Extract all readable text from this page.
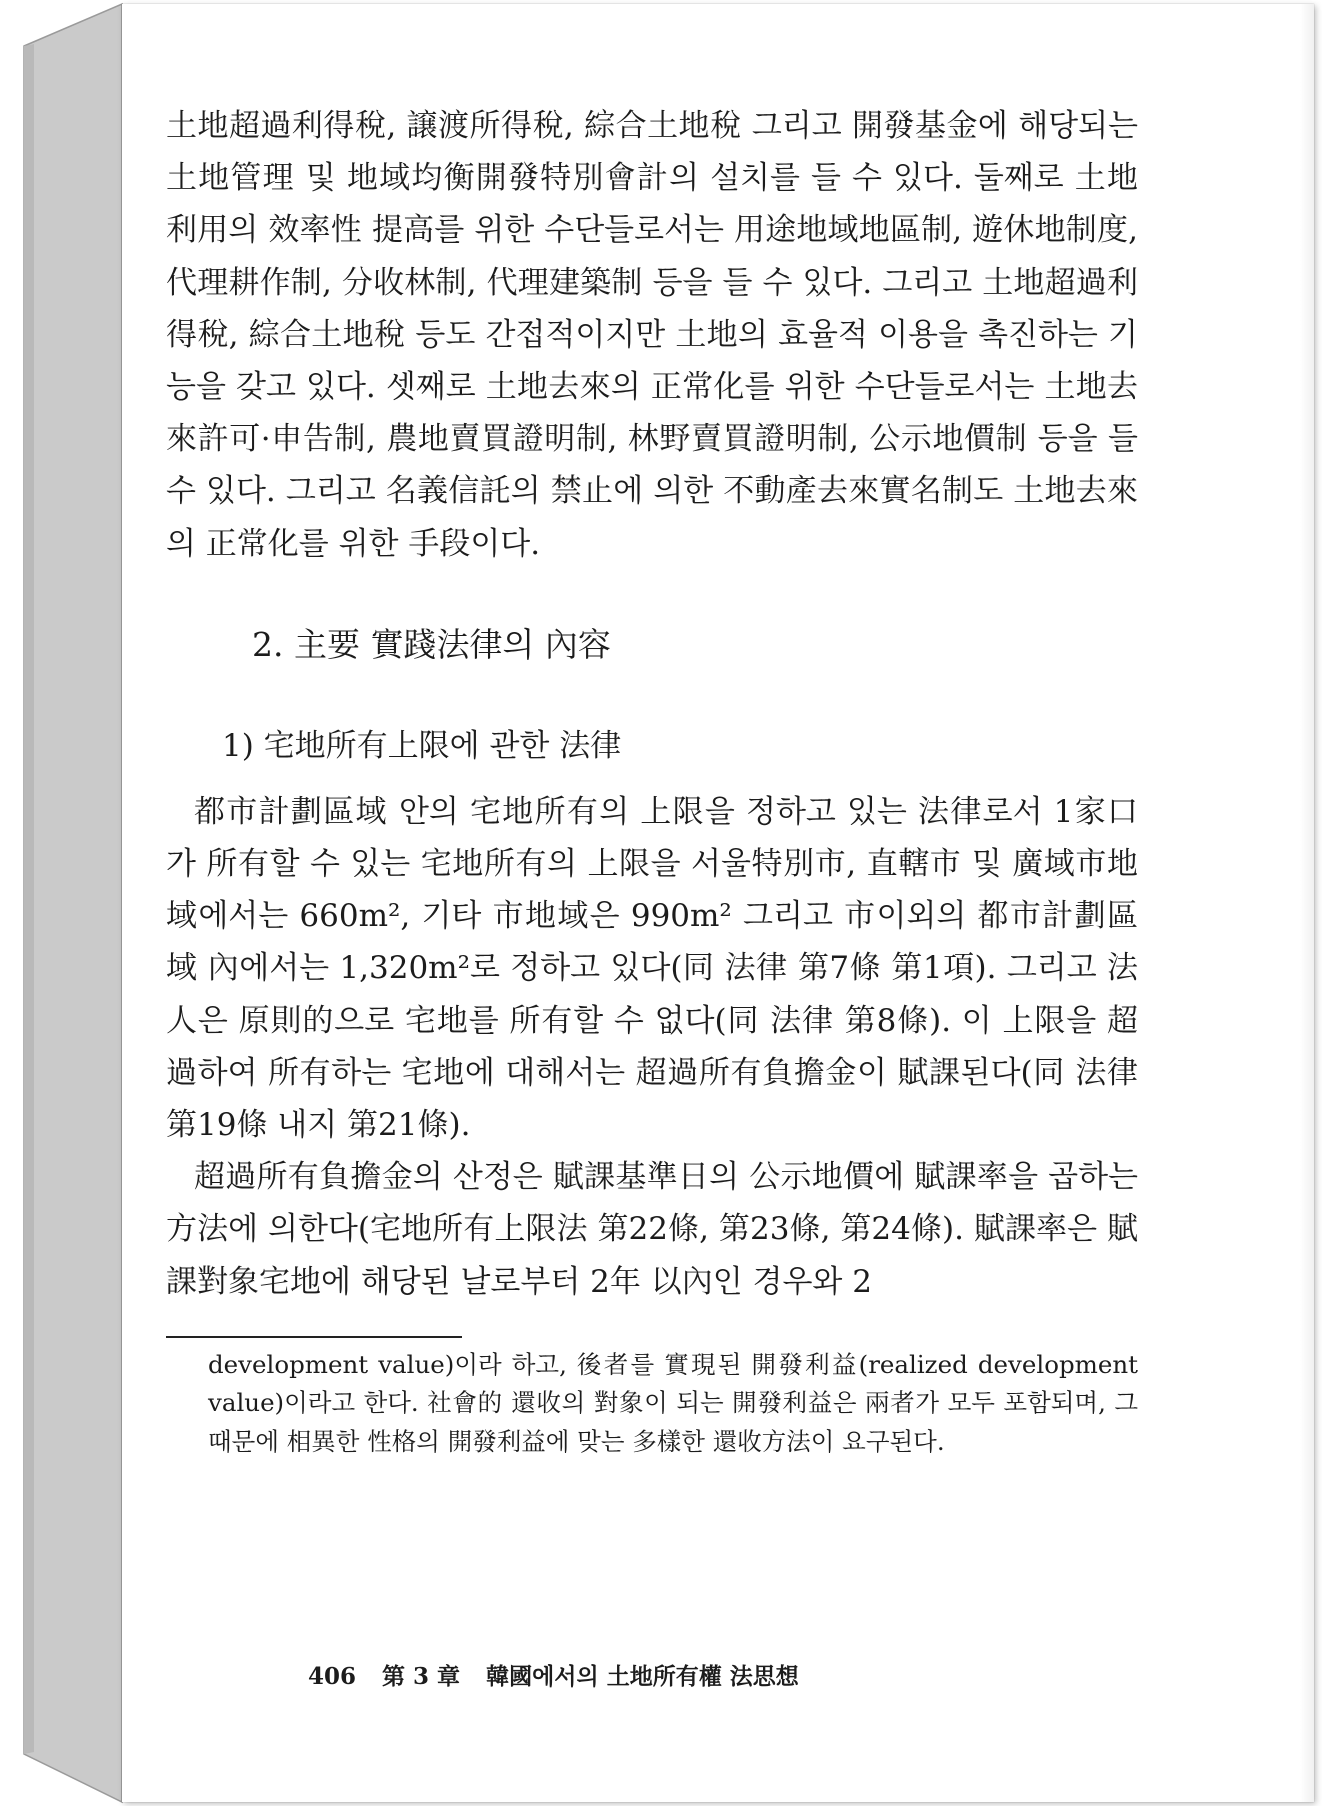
土地超過利得稅, 譲渡所得稅, 綜合土地稅 그리고 開發基金에 해당되는 土地管理 및 地域均衡開發特別會計의 설치를 들 수 있다. 둘째로 土地利用의 效率性 提高를 위한 수단들로서는 用途地域地區制, 遊休地制度, 代理耕作制, 分收林制, 代理建築制 등을 들 수 있다. 그리고 土地超過利得稅, 綜合土地稅 등도 간접적이지만 土地의 효율적 이용을 촉진하는 기능을 갖고 있다. 셋째로 土地去來의 正常化를 위한 수단들로서는 土地去來許可·申告制, 農地賣買證明制, 林野賣買證明制, 公示地價制 등을 들 수 있다. 그리고 名義信託의 禁止에 의한 不動產去來實名制도 土地去來의 正常化를 위한 手段이다.

2. 主要 實踐法律의 內容
1) 宅地所有上限에 관한 法律

都市計劃區域 안의 宅地所有의 上限을 정하고 있는 法律로서 1家口가 所有할 수 있는 宅地所有의 上限을 서울特別市, 直轄市 및 廣域市地域에서는 660m², 기타 市地域은 990m² 그리고 市이외의 都市計劃區域 內에서는 1,320m²로 정하고 있다(同 法律 第7條 第1項). 그리고 法人은 原則的으로 宅地를 所有할 수 없다(同 法律 第8條). 이 上限을 超過하여 所有하는 宅地에 대해서는 超過所有負擔金이 賦課된다(同 法律 第19條 내지 第21條).

超過所有負擔金의 산정은 賦課基準日의 公示地價에 賦課率을 곱하는 方法에 의한다(宅地所有上限法 第22條, 第23條, 第24條). 賦課率은 賦課對象宅地에 해당된 날로부터 2年 以內인 경우와 2

development value)이라 하고, 後者를 實現된 開發利益(realized development value)이라고 한다. 社會的 還收의 對象이 되는 開發利益은 兩者가 모두 포함되며, 그 때문에 相異한 性格의 開發利益에 맞는 多樣한 還收方法이 요구된다.

406 第 3 章 韓國에서의 土地所有權 法思想
